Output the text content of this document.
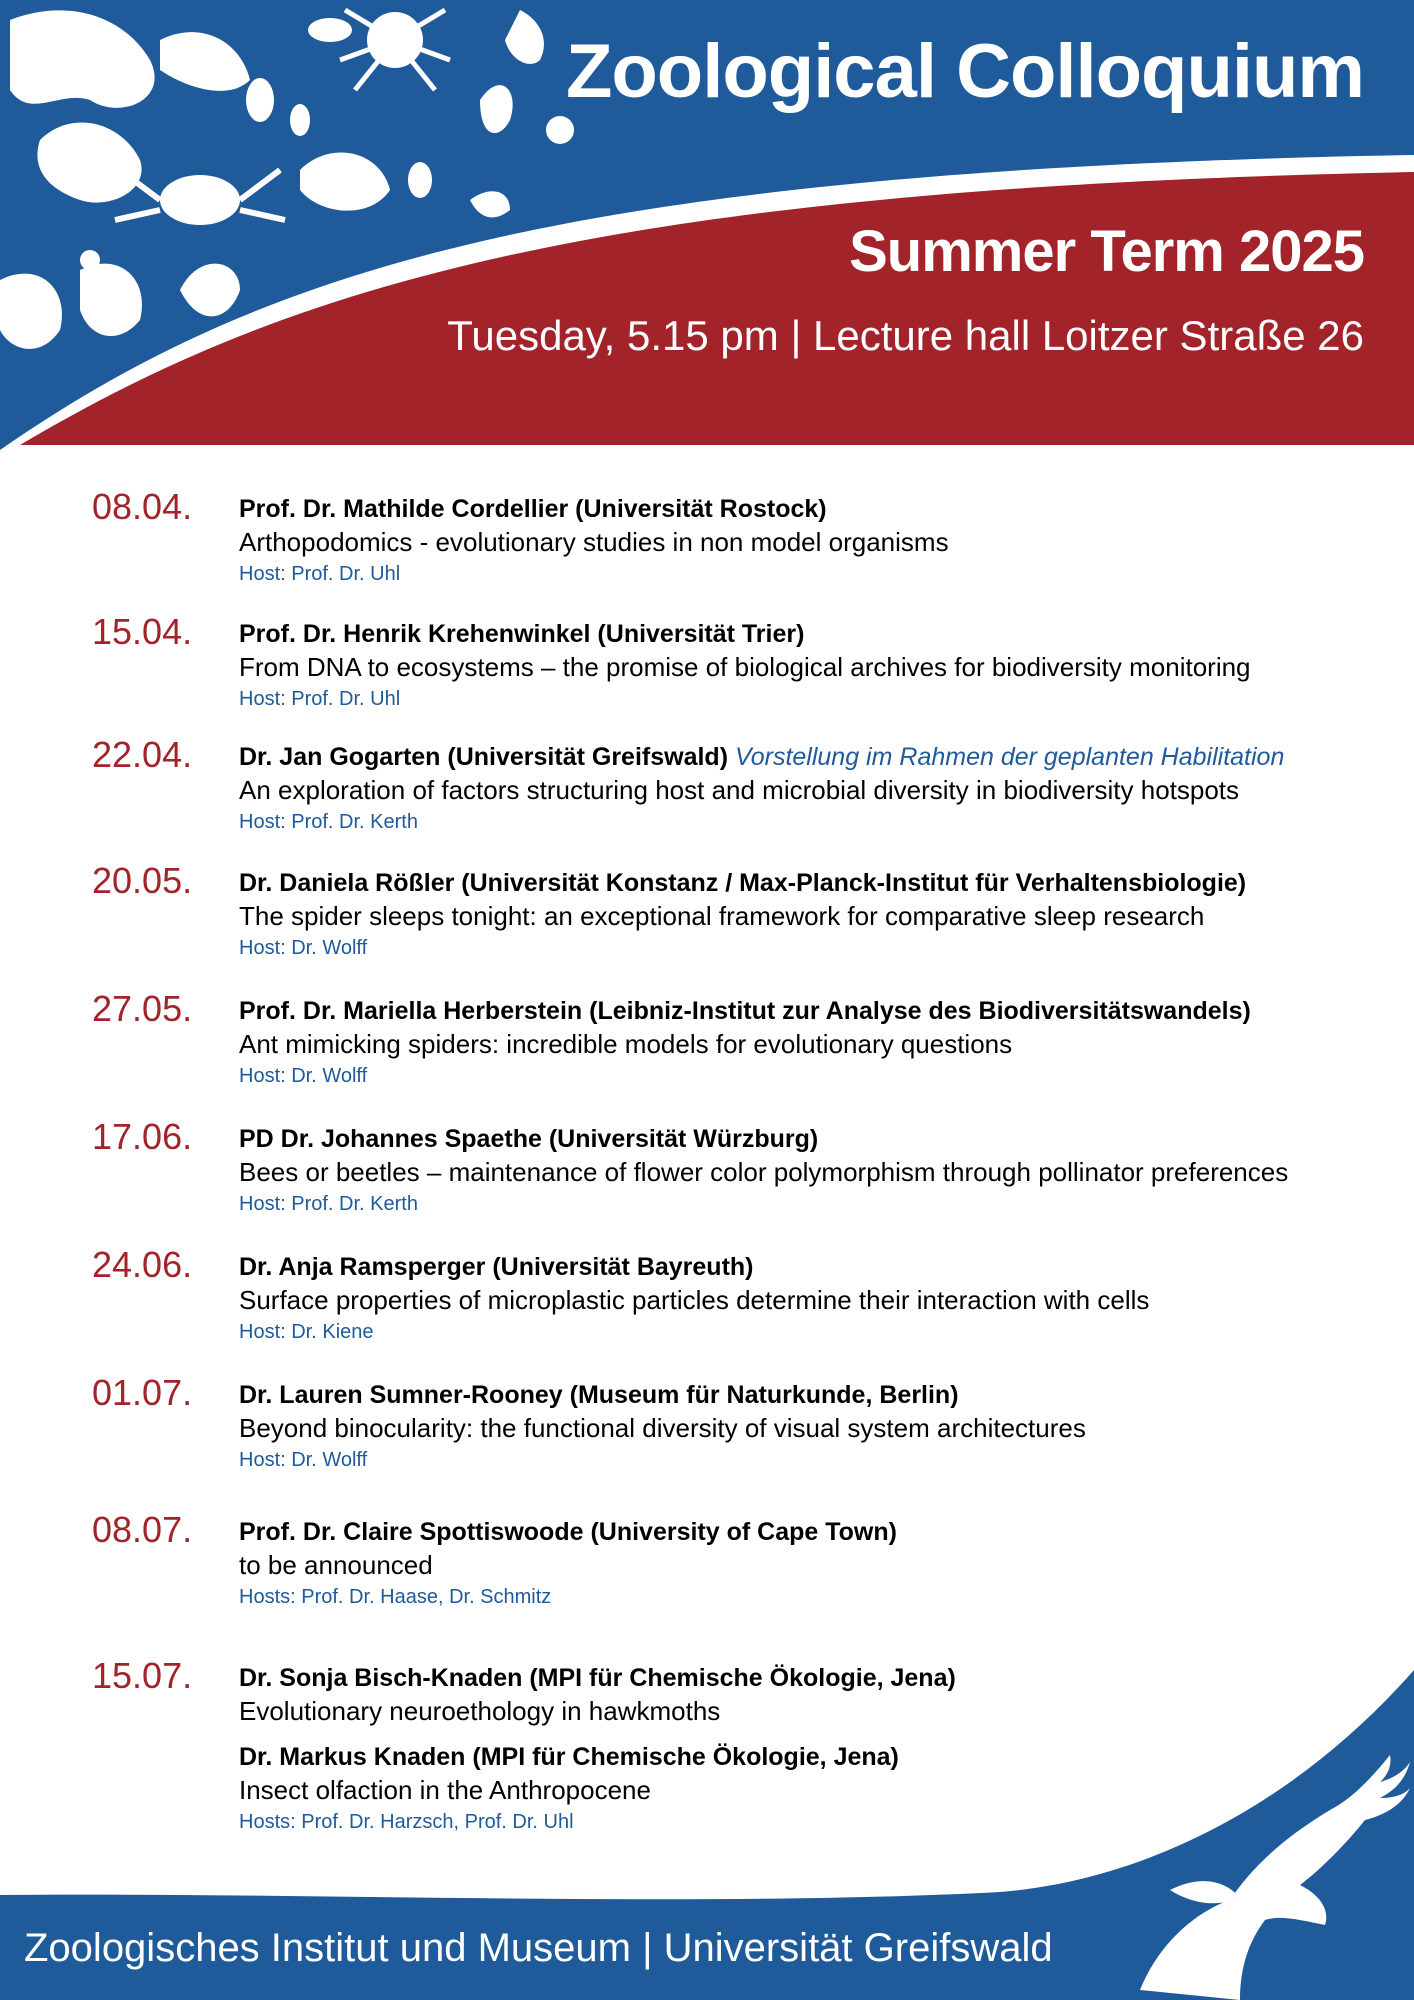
Zoological Colloquium
Summer Term 2025
Tuesday, 5.15 pm | Lecture hall Loitzer Straße 26
08.04. Prof. Dr. Mathilde Cordellier (Universität Rostock)
Arthopodomics - evolutionary studies in non model organisms
Host: Prof. Dr. Uhl
15.04. Prof. Dr. Henrik Krehenwinkel (Universität Trier)
From DNA to ecosystems – the promise of biological archives for biodiversity monitoring
Host: Prof. Dr. Uhl
22.04. Dr. Jan Gogarten (Universität Greifswald) Vorstellung im Rahmen der geplanten Habilitation
An exploration of factors structuring host and microbial diversity in biodiversity hotspots
Host: Prof. Dr. Kerth
20.05. Dr. Daniela Rößler (Universität Konstanz / Max-Planck-Institut für Verhaltensbiologie)
The spider sleeps tonight: an exceptional framework for comparative sleep research
Host: Dr. Wolff
27.05. Prof. Dr. Mariella Herberstein (Leibniz-Institut zur Analyse des Biodiversitätswandels)
Ant mimicking spiders: incredible models for evolutionary questions
Host: Dr. Wolff
17.06. PD Dr. Johannes Spaethe (Universität Würzburg)
Bees or beetles – maintenance of flower color polymorphism through pollinator preferences
Host: Prof. Dr. Kerth
24.06. Dr. Anja Ramsperger (Universität Bayreuth)
Surface properties of microplastic particles determine their interaction with cells
Host: Dr. Kiene
01.07. Dr. Lauren Sumner-Rooney (Museum für Naturkunde, Berlin)
Beyond binocularity: the functional diversity of visual system architectures
Host: Dr. Wolff
08.07. Prof. Dr. Claire Spottiswoode (University of Cape Town)
to be announced
Hosts: Prof. Dr. Haase, Dr. Schmitz
15.07. Dr. Sonja Bisch-Knaden (MPI für Chemische Ökologie, Jena)
Evolutionary neuroethology in hawkmoths
Dr. Markus Knaden (MPI für Chemische Ökologie, Jena)
Insect olfaction in the Anthropocene
Hosts: Prof. Dr. Harzsch, Prof. Dr. Uhl
Zoologisches Institut und Museum | Universität Greifswald
